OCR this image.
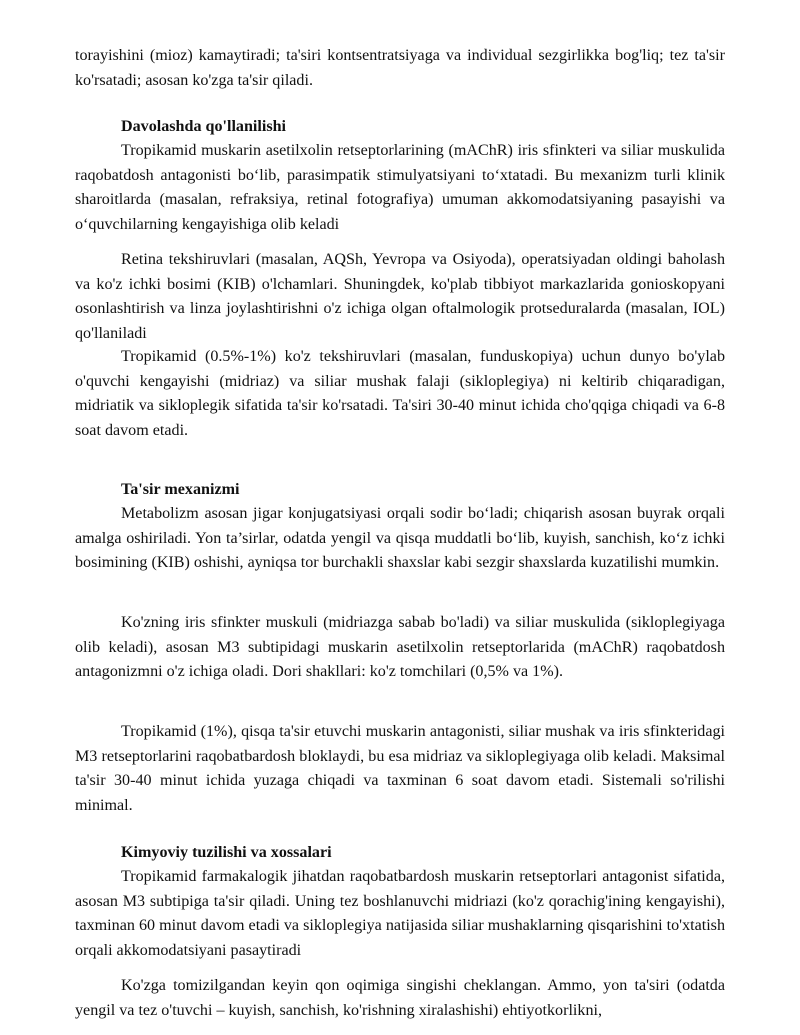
torayishini (mioz) kamaytiradi; ta'siri kontsentratsiyaga va individual sezgirlikka bog'liq; tez ta'sir ko'rsatadi; asosan ko'zga ta'sir qiladi.

Davolashda qo'llanilishi

Tropikamid muskarin asetilxolin retseptorlarining (mAChR) iris sfinkteri va siliar muskulida raqobatdosh antagonisti bo‘lib, parasimpatik stimulyatsiyani to‘xtatadi. Bu mexanizm turli klinik sharoitlarda (masalan, refraksiya, retinal fotografiya) umuman akkomodatsiyaning pasayishi va o‘quvchilarning kengayishiga olib keladi

Retina tekshiruvlari (masalan, AQSh, Yevropa va Osiyoda), operatsiyadan oldingi baholash va ko'z ichki bosimi (KIB) o'lchamlari. Shuningdek, ko'plab tibbiyot markazlarida gonioskopyani osonlashtirish va linza joylashtirishni o'z ichiga olgan oftalmologik protseduralarda (masalan, IOL) qo'llaniladi

Tropikamid (0.5%-1%) ko'z tekshiruvlari (masalan, funduskopiya) uchun dunyo bo'ylab o'quvchi kengayishi (midriaz) va siliar mushak falaji (sikloplegiya) ni keltirib chiqaradigan, midriatik va sikloplegik sifatida ta'sir ko'rsatadi. Ta'siri 30-40 minut ichida cho'qqiga chiqadi va 6-8 soat davom etadi.

Ta'sir mexanizmi

Metabolizm asosan jigar konjugatsiyasi orqali sodir bo‘ladi; chiqarish asosan buyrak orqali amalga oshiriladi. Yon ta’sirlar, odatda yengil va qisqa muddatli bo‘lib, kuyish, sanchish, ko‘z ichki bosimining (KIB) oshishi, ayniqsa tor burchakli shaxslar kabi sezgir shaxslarda kuzatilishi mumkin.

Ko'zning iris sfinkter muskuli (midriazga sabab bo'ladi) va siliar muskulida (sikloplegiyaga olib keladi), asosan M3 subtipidagi muskarin asetilxolin retseptorlarida (mAChR) raqobatdosh antagonizmni o'z ichiga oladi. Dori shakllari: ko'z tomchilari (0,5% va 1%).

Tropikamid (1%), qisqa ta'sir etuvchi muskarin antagonisti, siliar mushak va iris sfinkteridagi M3 retseptorlarini raqobatbardosh bloklaydi, bu esa midriaz va sikloplegiyaga olib keladi. Maksimal ta'sir 30-40 minut ichida yuzaga chiqadi va taxminan 6 soat davom etadi. Sistemali so'rilishi minimal.

Kimyoviy tuzilishi va xossalari

Tropikamid farmakalogik jihatdan raqobatbardosh muskarin retseptorlari antagonist sifatida, asosan M3 subtipiga ta'sir qiladi. Uning tez boshlanuvchi midriazi (ko'z qorachig'ining kengayishi), taxminan 60 minut davom etadi va sikloplegiya natijasida siliar mushaklarning qisqarishini to'xtatish orqali akkomodatsiyani pasaytiradi

Ko'zga tomizilgandan keyin qon oqimiga singishi cheklangan. Ammo, yon ta'siri (odatda yengil va tez o'tuvchi – kuyish, sanchish, ko'rishning xiralashishi) ehtiyotkorlikni,
